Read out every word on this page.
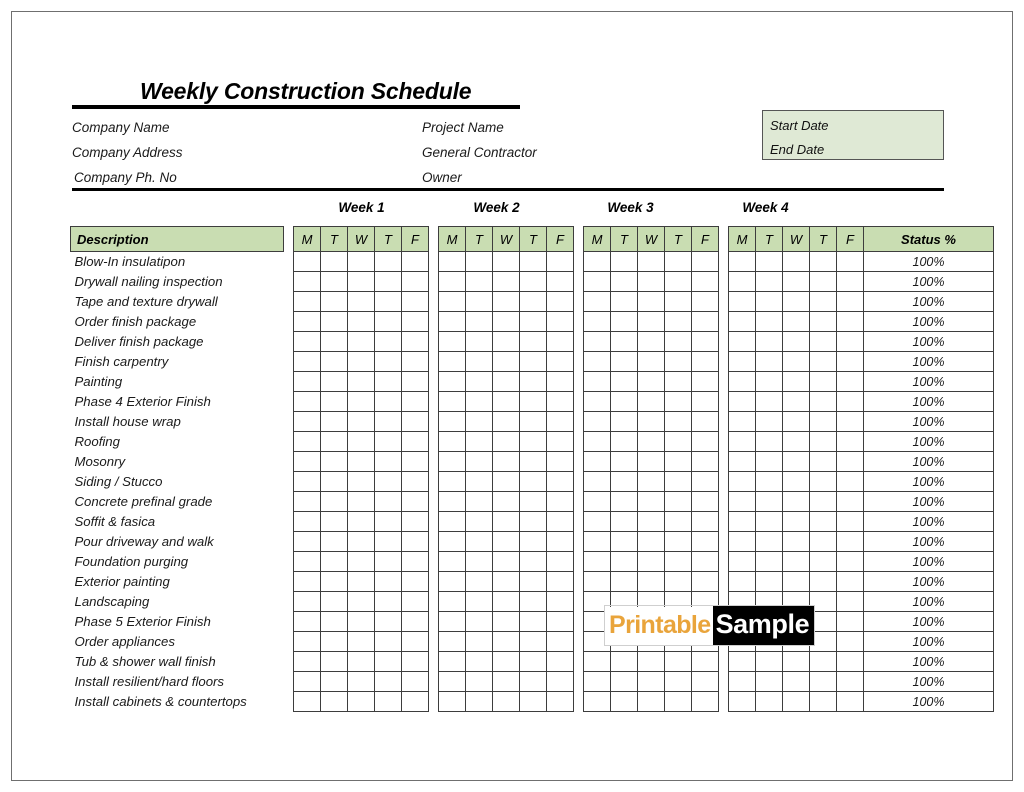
Weekly Construction Schedule
Company Name
Company Address
Company Ph. No
Project Name
General Contractor
Owner
Start Date
End Date
Week 1	Week 2	Week 3	Week 4
Description		M	T	W	T	F		M	T	W	T	F		M	T	W	T	F		M	T	W	T	F	Status %
Blow-In insulatipon																									100%
Drywall nailing inspection																									100%
Tape and texture drywall																									100%
Order finish package																									100%
Deliver finish package																									100%
Finish carpentry																									100%
Painting																									100%
Phase 4 Exterior Finish																									100%
Install house wrap																									100%
Roofing																									100%
Mosonry																									100%
Siding / Stucco																									100%
Concrete prefinal grade																									100%
Soffit & fasica																									100%
Pour driveway and walk																									100%
Foundation purging																									100%
Exterior painting																									100%
Landscaping																									100%
Phase 5 Exterior Finish																									100%
Order appliances																									100%
Tub & shower wall finish																									100%
Install resilient/hard floors																									100%
Install cabinets & countertops																									100%
Printable Sample
